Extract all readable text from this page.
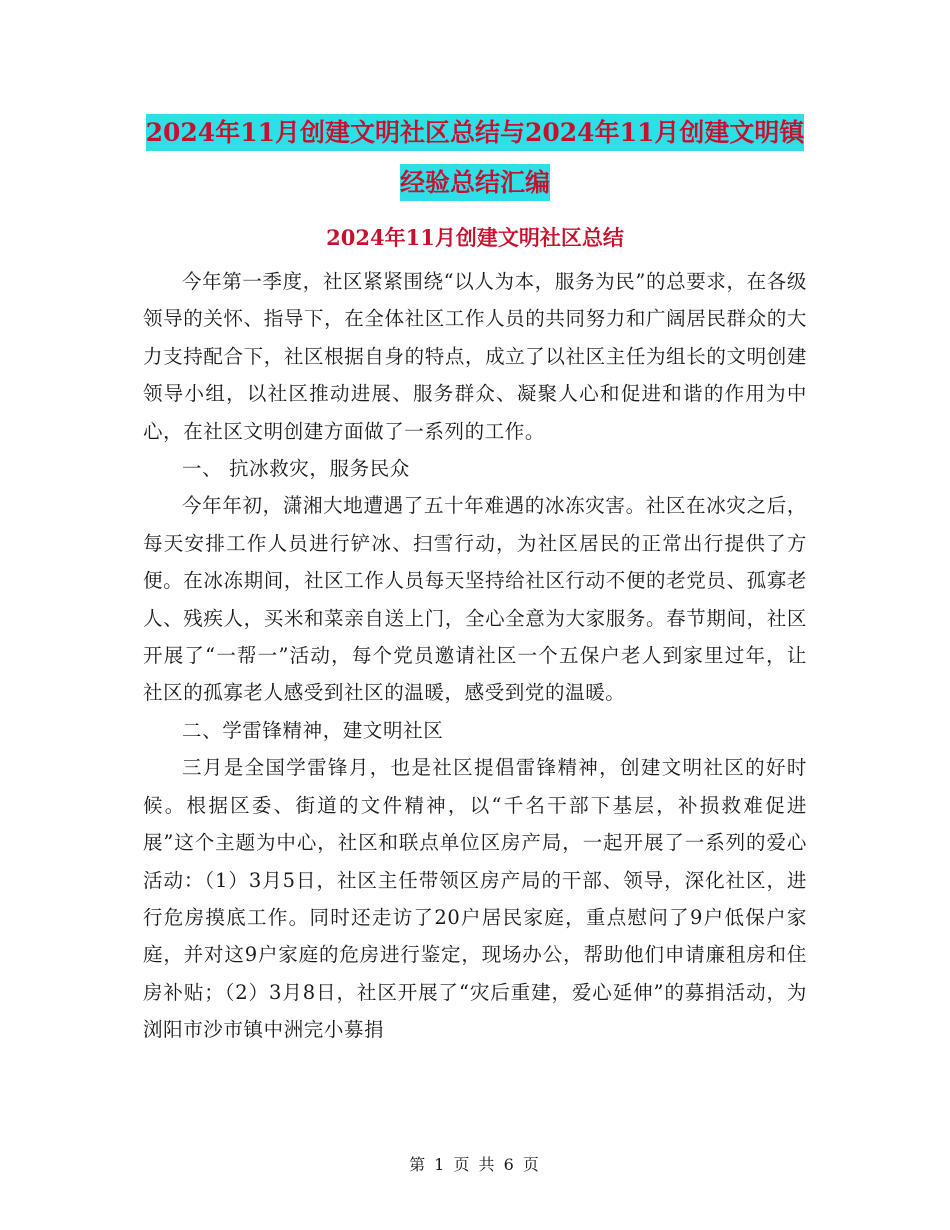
2024年11月创建文明社区总结与2024年11月创建文明镇经验总结汇编
2024年11月创建文明社区总结

今年第一季度，社区紧紧围绕“以人为本，服务为民”的总要求，在各级领导的关怀、指导下，在全体社区工作人员的共同努力和广阔居民群众的大力支持配合下，社区根据自身的特点，成立了以社区主任为组长的文明创建领导小组，以社区推动进展、服务群众、凝聚人心和促进和谐的作用为中心，在社区文明创建方面做了一系列的工作。

一、 抗冰救灾，服务民众

今年年初，潇湘大地遭遇了五十年难遇的冰冻灾害。社区在冰灾之后，每天安排工作人员进行铲冰、扫雪行动，为社区居民的正常出行提供了方便。在冰冻期间，社区工作人员每天坚持给社区行动不便的老党员、孤寡老人、残疾人，买米和菜亲自送上门，全心全意为大家服务。春节期间，社区开展了“一帮一”活动，每个党员邀请社区一个五保户老人到家里过年，让社区的孤寡老人感受到社区的温暖，感受到党的温暖。

二、学雷锋精神，建文明社区

三月是全国学雷锋月，也是社区提倡雷锋精神，创建文明社区的好时候。根据区委、街道的文件精神，以“千名干部下基层，补损救难促进展”这个主题为中心，社区和联点单位区房产局，一起开展了一系列的爱心活动：（1）3月5日，社区主任带领区房产局的干部、领导，深化社区，进行危房摸底工作。同时还走访了20户居民家庭，重点慰问了9户低保户家庭，并对这9户家庭的危房进行鉴定，现场办公，帮助他们申请廉租房和住房补贴；（2）3月8日，社区开展了“灾后重建，爱心延伸”的募捐活动，为浏阳市沙市镇中洲完小募捐

第 1 页 共 6 页
